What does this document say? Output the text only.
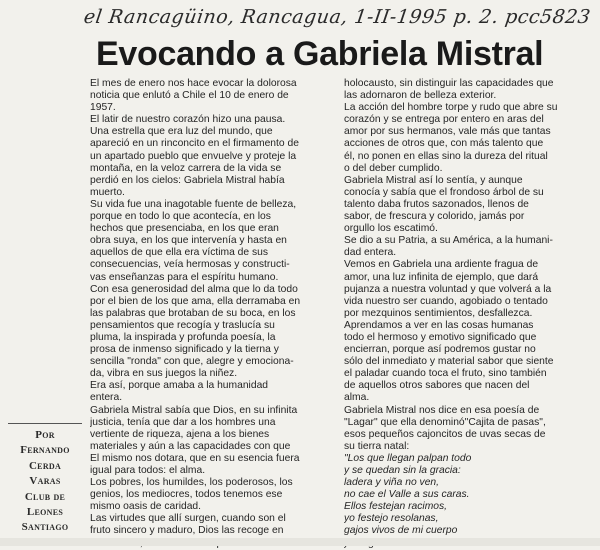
el Rancagüino, Rancagua, 1-II-1995 p. 2. pcc5823
Evocando a Gabriela Mistral
El mes de enero nos hace evocar la dolorosa
noticia que enlutó a Chile el 10 de enero de
1957.
El latir de nuestro corazón hizo una pausa.
Una estrella que era luz del mundo, que
apareció en un rinconcito en el firmamento de
un apartado pueblo que envuelve y proteje la
montaña, en la veloz carrera de la vida se
perdió en los cielos: Gabriela Mistral había
muerto.
Su vida fue una inagotable fuente de belleza,
porque en todo lo que acontecía, en los
hechos que presenciaba, en los que eran
obra suya, en los que intervenía y hasta en
aquellos de que ella era víctima de sus
consecuencias, veía hermosas y constructi-
vas enseñanzas para el espíritu humano.
Con esa generosidad del alma que lo da todo
por el bien de los que ama, ella derramaba en
las palabras que brotaban de su boca, en los
pensamientos que recogía y traslucía su
pluma, la inspirada y profunda poesía, la
prosa de inmenso significado y la tierna y
sencilla "ronda" con que, alegre y emociona-
da, vibra en sus juegos la niñez.
Era así, porque amaba a la humanidad
entera.
Gabriela Mistral sabía que Dios, en su infinita
justicia, tenía que dar a los hombres una
vertiente de riqueza, ajena a los bienes
materiales y aún a las capacidades con que
El mismo nos dotara, que en su esencia fuera
igual para todos: el alma.
Los pobres, los humildes, los poderosos, los
genios, los mediocres, todos tenemos ese
mismo oasis de caridad.
Las virtudes que allí surgen, cuando son el
fruto sincero y maduro, Dios las recoge en
holocausto, sin distinguir las capacidades que
las adornaron de belleza exterior.
La acción del hombre torpe y rudo que abre su
corazón y se entrega por entero en aras del
amor por sus hermanos, vale más que tantas
acciones de otros que, con más talento que
él, no ponen en ellas sino la dureza del ritual
o del deber cumplido.
Gabriela Mistral así lo sentía, y aunque
conocía y sabía que el frondoso árbol de su
talento daba frutos sazonados, llenos de
sabor, de frescura y colorido, jamás por
orgullo los escatimó.
Se dio a su Patria, a su América, a la humani-
dad entera.
Vemos en Gabriela una ardiente fragua de
amor, una luz infinita de ejemplo, que dará
pujanza a nuestra voluntad y que volverá a la
vida nuestro ser cuando, agobiado o tentado
por mezquinos sentimientos, desfallezca.
Aprendamos a ver en las cosas humanas
todo el hermoso y emotivo significado que
encierran, porque así podremos gustar no
sólo del inmediato y material sabor que siente
el paladar cuando toca el fruto, sino también
de aquellos otros sabores que nacen del
alma.
Gabriela Mistral nos dice en esa poesía de
"Lagar" que ella denominó"Cajita de pasas",
esos pequeños cajoncitos de uvas secas de
su tierra natal:
"Los que llegan palpan todo
y se quedan sin la gracia:
ladera y viña no ven,
no cae el Valle a sus caras.
Ellos festejan racimos,
yo festejo resolanas,
gajos vivos de mi cuerpo
Por
Fernando
Cerda
Varas
Club de
Leones
Santiago
